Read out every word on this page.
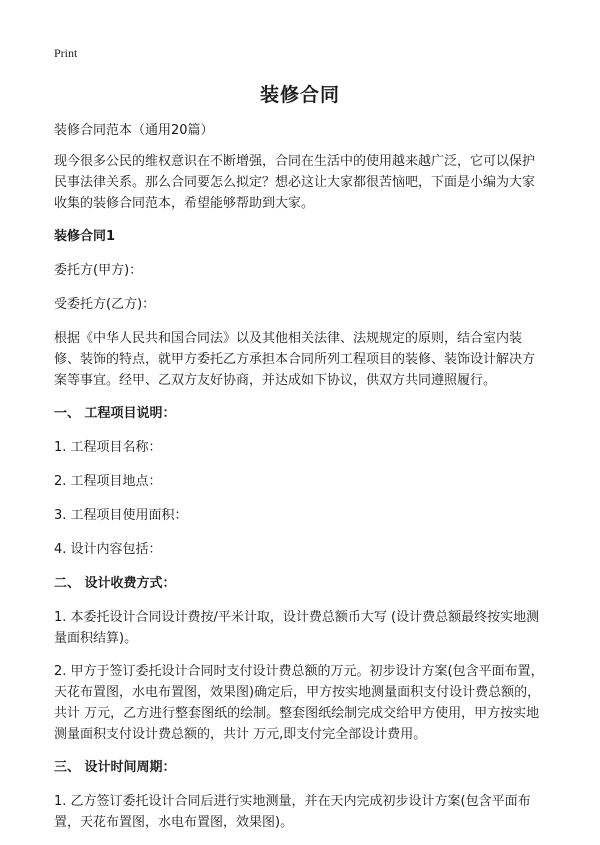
Print
装修合同

装修合同范本（通用20篇）

现今很多公民的维权意识在不断增强，合同在生活中的使用越来越广泛，它可以保护民事法律关系。那么合同要怎么拟定？想必这让大家都很苦恼吧，下面是小编为大家收集的装修合同范本，希望能够帮助到大家。

装修合同1

委托方(甲方)：

受委托方(乙方)：

根据《中华人民共和国合同法》以及其他相关法律、法规规定的原则，结合室内装修、装饰的特点，就甲方委托乙方承担本合同所列工程项目的装修、装饰设计解决方案等事宜。经甲、乙双方友好协商，并达成如下协议，供双方共同遵照履行。

一、 工程项目说明：

1. 工程项目名称：

2. 工程项目地点：

3. 工程项目使用面积：

4. 设计内容包括：

二、 设计收费方式：

1. 本委托设计合同设计费按/平米计取，设计费总额币大写 (设计费总额最终按实地测量面积结算)。

2. 甲方于签订委托设计合同时支付设计费总额的万元。初步设计方案(包含平面布置，天花布置图，水电布置图，效果图)确定后，甲方按实地测量面积支付设计费总额的，共计 万元，乙方进行整套图纸的绘制。整套图纸绘制完成交给甲方使用，甲方按实地测量面积支付设计费总额的，共计 万元,即支付完全部设计费用。

三、 设计时间周期：

1. 乙方签订委托设计合同后进行实地测量，并在天内完成初步设计方案(包含平面布置，天花布置图，水电布置图，效果图)。
